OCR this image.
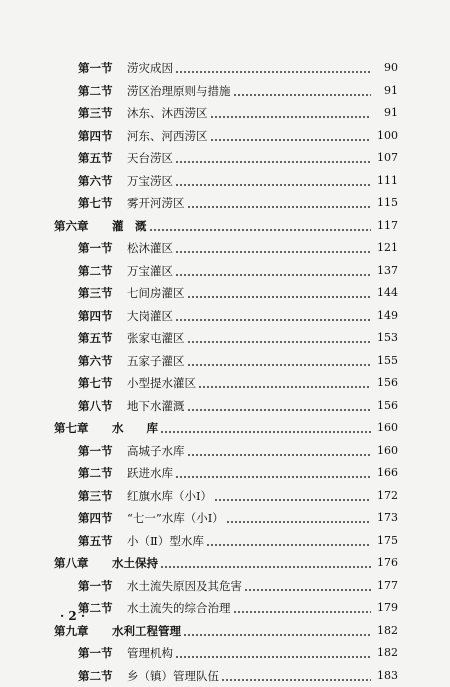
第一节 涝灾成因	90
第二节 涝区治理原则与措施	91
第三节 沐东、沐西涝区	91
第四节 河东、河西涝区	100
第五节 天台涝区	107
第六节 万宝涝区	111
第七节 雾开河涝区	115
第六章 灌　溉	117
第一节 松沐灌区	121
第二节 万宝灌区	137
第三节 七间房灌区	144
第四节 大岗灌区	149
第五节 张家屯灌区	153
第六节 五家子灌区	155
第七节 小型提水灌区	156
第八节 地下水灌溉	156
第七章 水　　库	160
第一节 高城子水库	160
第二节 跃进水库	166
第三节 红旗水库（小Ⅰ）	172
第四节 “七一”水库（小Ⅰ）	173
第五节 小（Ⅱ）型水库	175
第八章 水土保持	176
第一节 水土流失原因及其危害	177
第二节 水土流失的综合治理	179
第九章 水利工程管理	182
第一节 管理机构	182
第二节 乡（镇）管理队伍	183
· 2 ·
